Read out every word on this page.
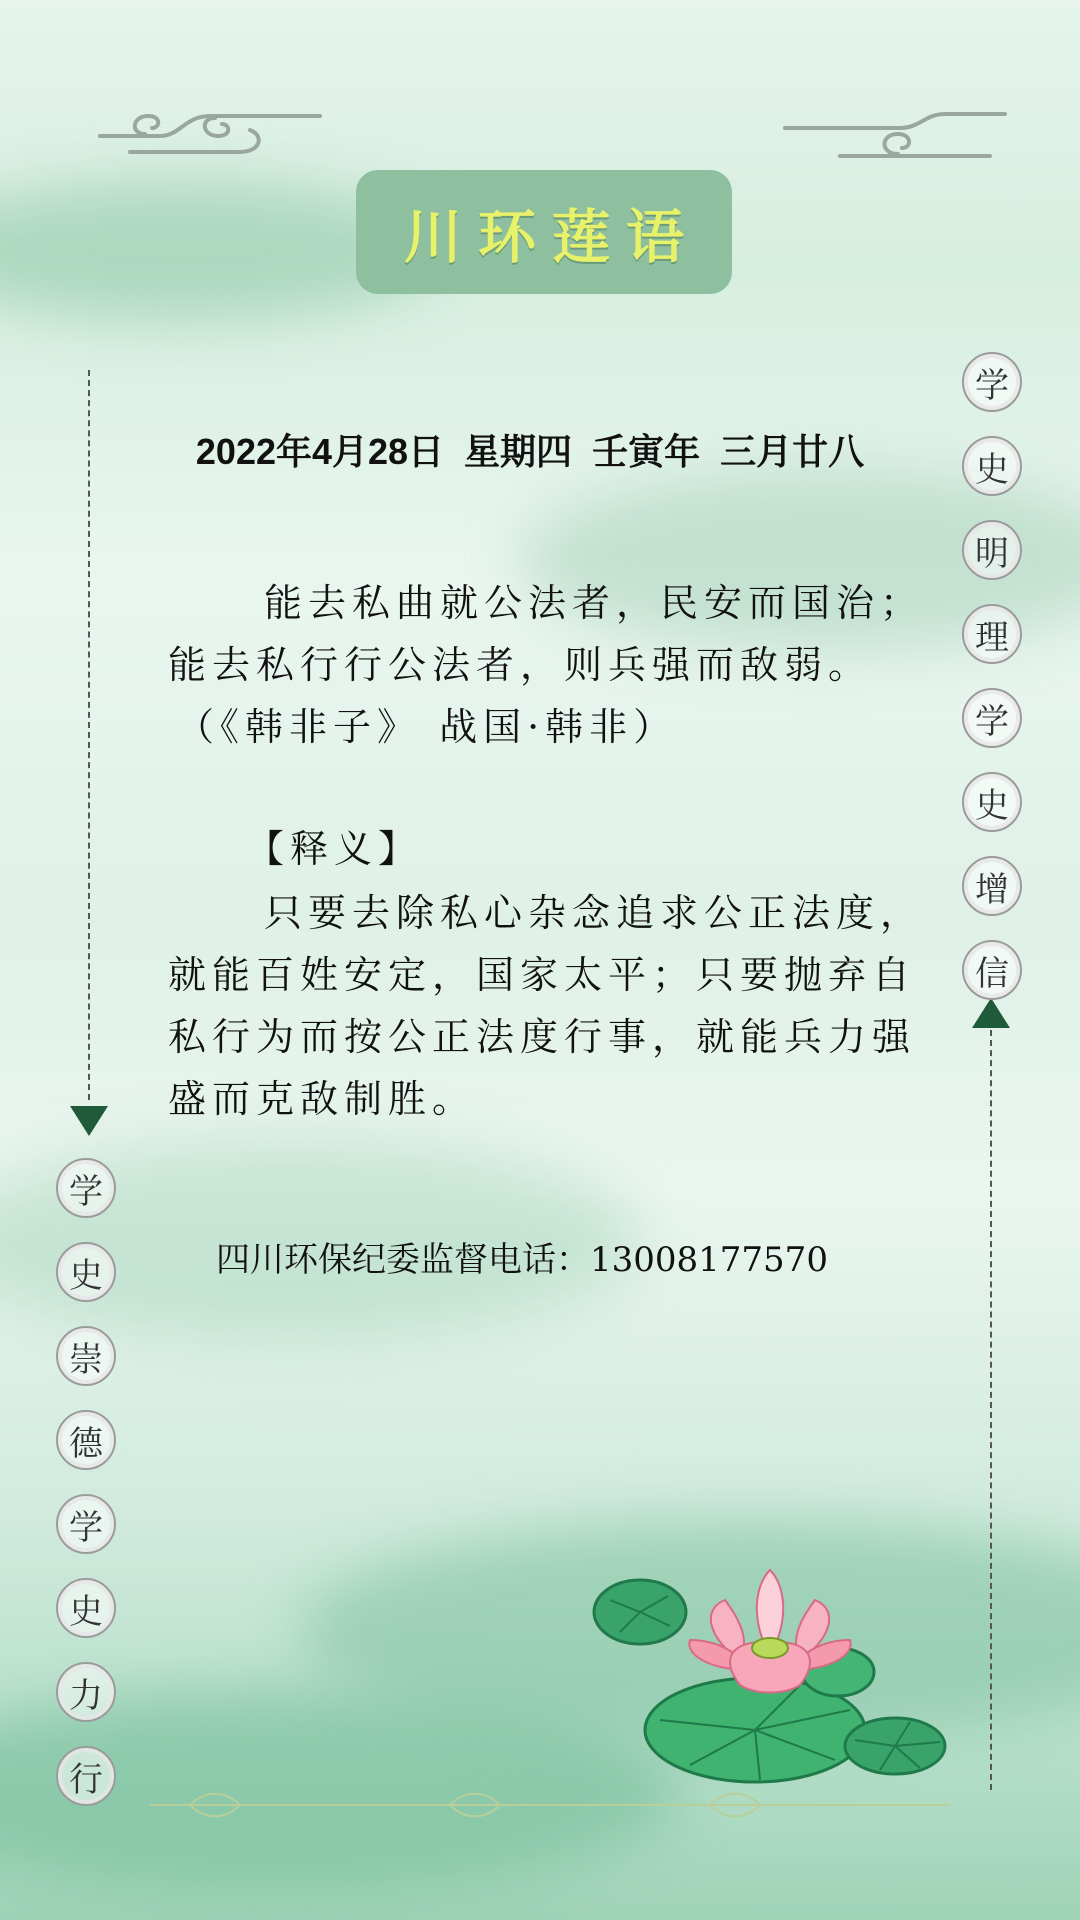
川环莲语
2022年4月28日  星期四  壬寅年  三月廿八
能去私曲就公法者，民安而国治；
能去私行行公法者，则兵强而敌弱。
（《韩非子》 战国·韩非）
【释义】
只要去除私心杂念追求公正法度，
就能百姓安定，国家太平；只要抛弃自
私行为而按公正法度行事，就能兵力强
盛而克敌制胜。
四川环保纪委监督电话：13008177570
学
史
明
理
学
史
增
信
学
史
崇
德
学
史
力
行
